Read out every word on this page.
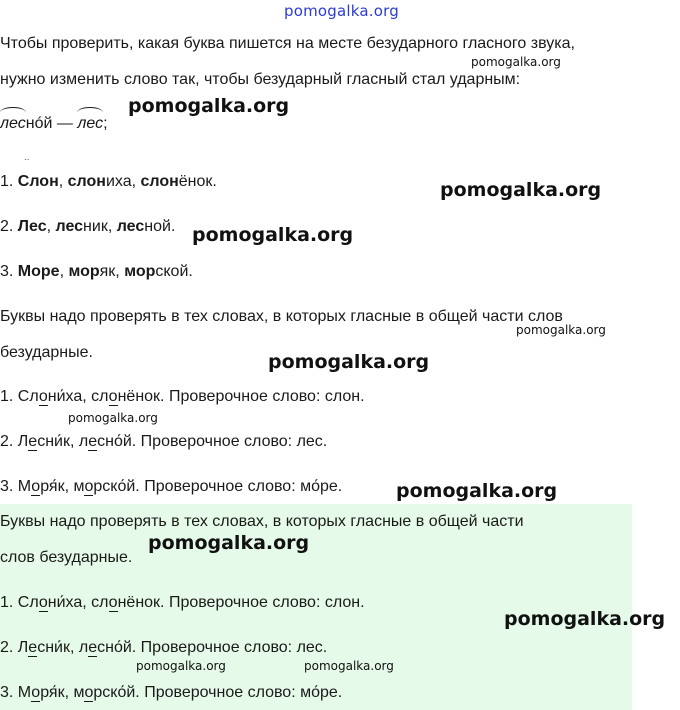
pomogalka.org
Чтобы проверить, какая буква пишется на месте безударного гласного звука,
нужно изменить слово так, чтобы безударный гласный стал ударным:
леснóй — лес;
..
1. Слон, слониха, слонёнок.
2. Лес, лесник, лесной.
3. Море, моряк, морской.
Буквы надо проверять в тех словах, в которых гласные в общей части слов
безударные.
1. Слони́ха, слонёнок. Проверочное слово: слон.
2. Лесни́к, лесно́й. Проверочное слово: лес.
3. Моря́к, морско́й. Проверочное слово: мо́ре.
Буквы надо проверять в тех словах, в которых гласные в общей части
слов безударные.
1. Слони́ха, слонёнок. Проверочное слово: слон.
2. Лесни́к, лесно́й. Проверочное слово: лес.
3. Моря́к, морско́й. Проверочное слово: мо́ре.
pomogalka.org
pomogalka.org
pomogalka.org
pomogalka.org
pomogalka.org
pomogalka.org
pomogalka.org
pomogalka.org
pomogalka.org
pomogalka.org
pomogalka.org	pomogalka.org
